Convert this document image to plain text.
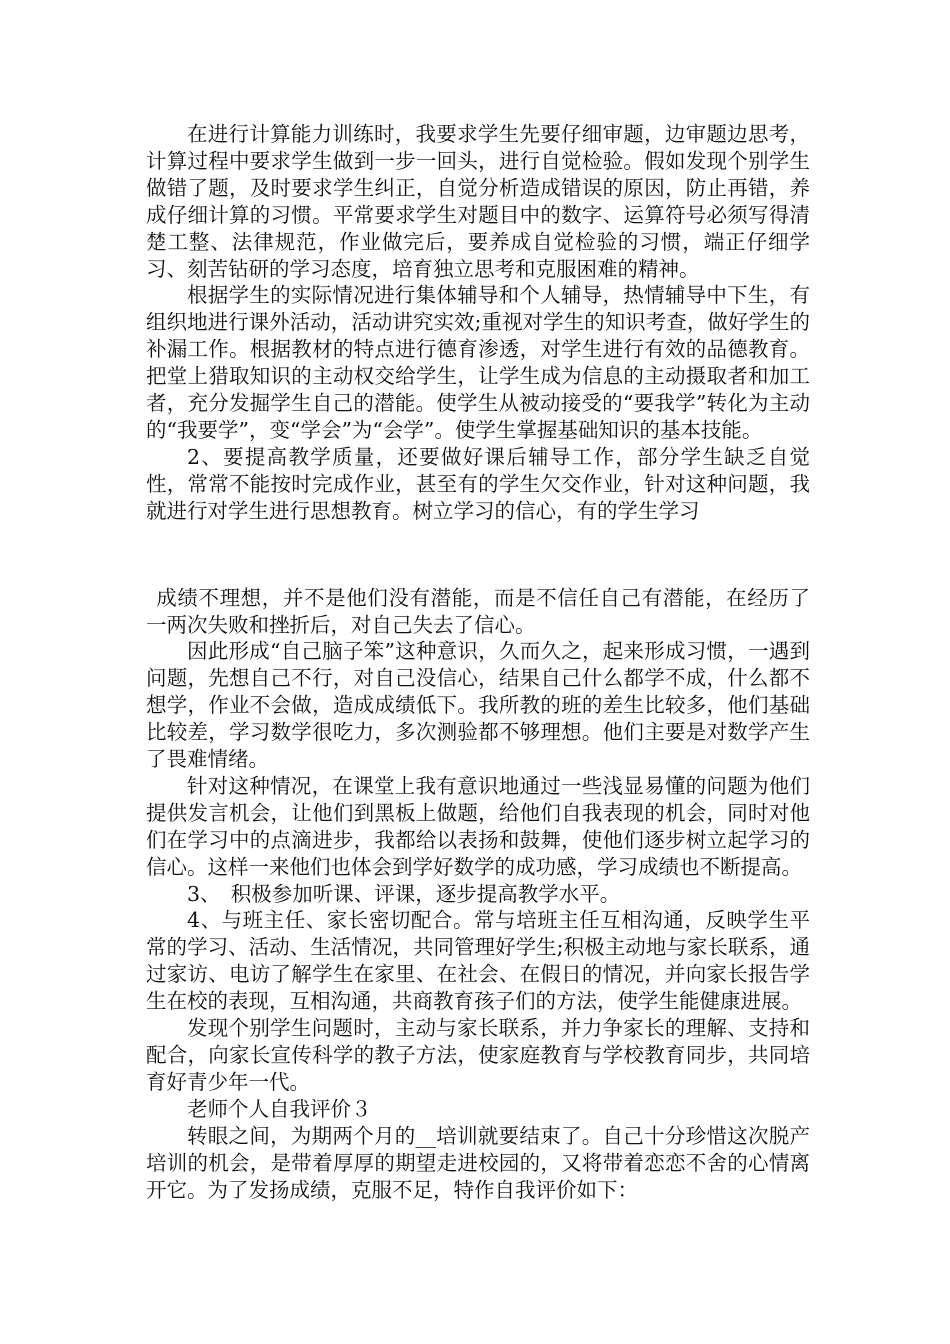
在进行计算能力训练时，我要求学生先要仔细审题，边审题边思考，计算过程中要求学生做到一步一回头，进行自觉检验。假如发现个别学生做错了题，及时要求学生纠正，自觉分析造成错误的原因，防止再错，养成仔细计算的习惯。平常要求学生对题目中的数字、运算符号必须写得清楚工整、法律规范，作业做完后，要养成自觉检验的习惯，端正仔细学习、刻苦钻研的学习态度，培育独立思考和克服困难的精神。

根据学生的实际情况进行集体辅导和个人辅导，热情辅导中下生，有组织地进行课外活动，活动讲究实效;重视对学生的知识考查，做好学生的补漏工作。根据教材的特点进行德育渗透，对学生进行有效的品德教育。把堂上猎取知识的主动权交给学生，让学生成为信息的主动摄取者和加工者，充分发掘学生自己的潜能。使学生从被动接受的“要我学”转化为主动的“我要学”，变“学会”为“会学”。使学生掌握基础知识的基本技能。

2、要提高教学质量，还要做好课后辅导工作，部分学生缺乏自觉性，常常不能按时完成作业，甚至有的学生欠交作业，针对这种问题，我就进行对学生进行思想教育。树立学习的信心，有的学生学习

成绩不理想，并不是他们没有潜能，而是不信任自己有潜能，在经历了一两次失败和挫折后，对自己失去了信心。

因此形成“自己脑子笨”这种意识，久而久之，起来形成习惯，一遇到问题，先想自己不行，对自己没信心，结果自己什么都学不成，什么都不想学，作业不会做，造成成绩低下。我所教的班的差生比较多，他们基础比较差，学习数学很吃力，多次测验都不够理想。他们主要是对数学产生了畏难情绪。

针对这种情况，在课堂上我有意识地通过一些浅显易懂的问题为他们提供发言机会，让他们到黑板上做题，给他们自我表现的机会，同时对他们在学习中的点滴进步，我都给以表扬和鼓舞，使他们逐步树立起学习的信心。这样一来他们也体会到学好数学的成功感，学习成绩也不断提高。

3、　积极参加听课、评课，逐步提高教学水平。

4、与班主任、家长密切配合。常与培班主任互相沟通，反映学生平常的学习、活动、生活情况，共同管理好学生;积极主动地与家长联系，通过家访、电访了解学生在家里、在社会、在假日的情况，并向家长报告学生在校的表现，互相沟通，共商教育孩子们的方法，使学生能健康进展。

发现个别学生问题时，主动与家长联系，并力争家长的理解、支持和配合，向家长宣传科学的教子方法，使家庭教育与学校教育同步，共同培育好青少年一代。

老师个人自我评价３

转眼之间，为期两个月的__培训就要结束了。自己十分珍惜这次脱产培训的机会，是带着厚厚的期望走进校园的，又将带着恋恋不舍的心情离开它。为了发扬成绩，克服不足，特作自我评价如下：
